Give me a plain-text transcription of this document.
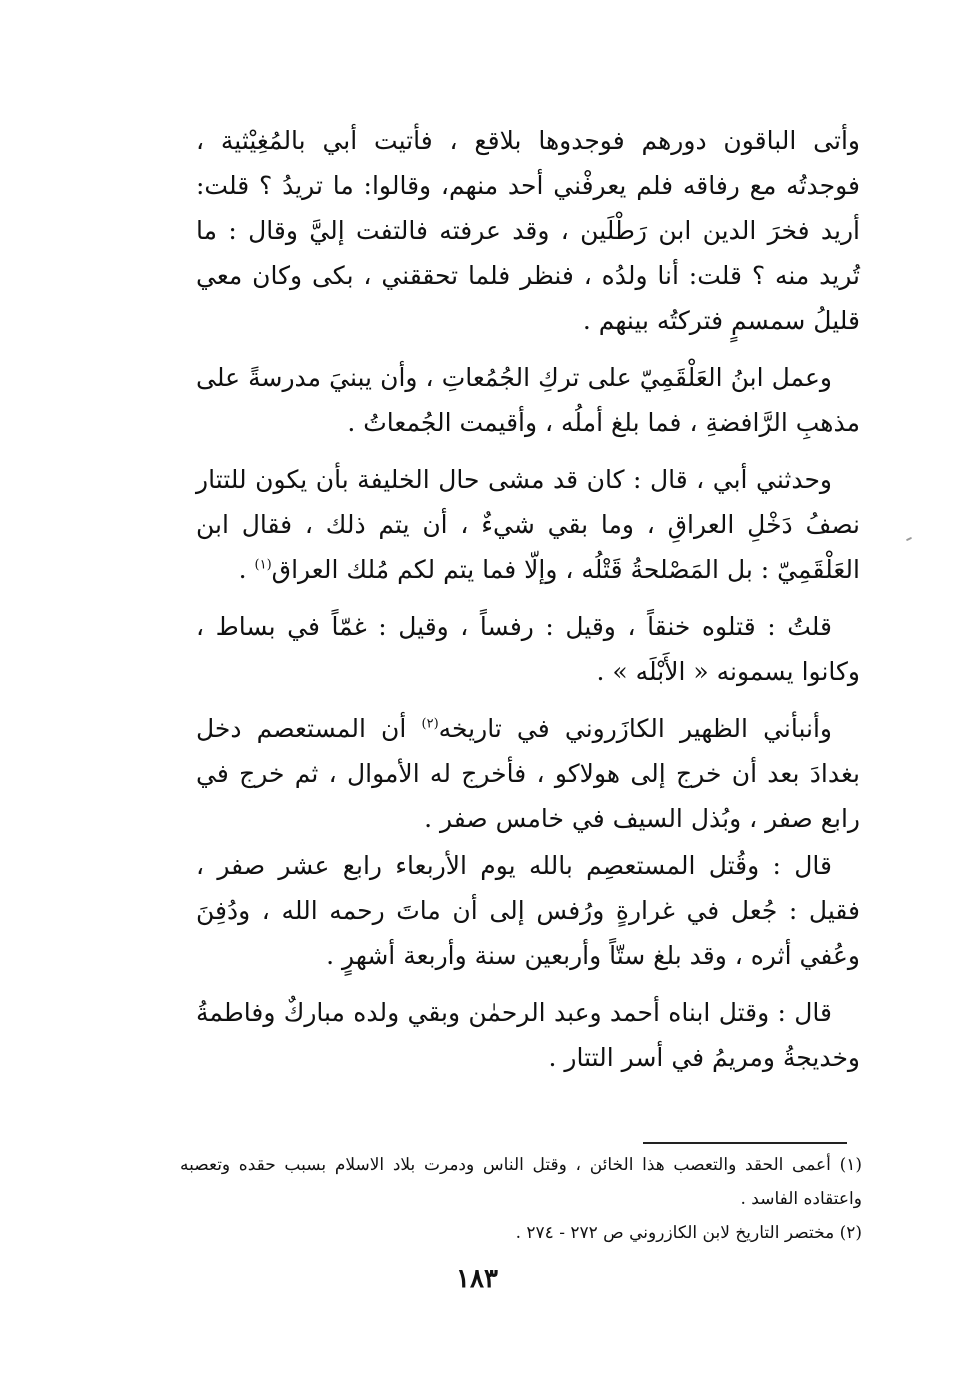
وأتى الباقون دورهم فوجدوها بلاقع ، فأتيت أبي بالمُغِيْثية ، فوجدتُه مع رفاقه فلم يعرفْني أحد منهم، وقالوا: ما تريدُ ؟ قلت: أريد فخرَ الدين ابن رَطْلَين ، وقد عرفته فالتفت إليَّ وقال : ما تُريد منه ؟ قلت: أنا ولدُه ، فنظر فلما تحققني ، بكى وكان معي قليلُ سمسمٍ فتركتُه بينهم .

وعمل ابنُ العَلْقَمِيّ على تركِ الجُمُعاتِ ، وأن يبنيَ مدرسةً على مذهبِ الرَّافضةِ ، فما بلغ أملُه ، وأقيمت الجُمعاتُ .

وحدثني أبي ، قال : كان قد مشى حال الخليفة بأن يكون للتتار نصفُ دَخْلِ العراقِ ، وما بقي شيءٌ ، أن يتم ذلك ، فقال ابن العَلْقَمِيّ : بل المَصْلحةُ قَتْلُه ، وإلّا فما يتم لكم مُلك العراق$^{(١)}$ .

قلتُ : قتلوه خنقاً ، وقيل : رفساً ، وقيل : غمّاً في بساط ، وكانوا يسمونه « الأَبْلَه » .

وأنبأني الظهير الكازَروني في تاريخه$^{(٢)}$ أن المستعصم دخل بغدادَ بعد أن خرج إلى هولاكو ، فأخرج له الأموال ، ثم خرج في رابع صفر ، وبُذل السيف في خامس صفر .

قال : وقُتل المستعصِم بالله يوم الأربعاء رابع عشر صفر ، فقيل : جُعل في غرارةٍ ورُفس إلى أن ماتَ رحمه الله ، ودُفِنَ وعُفي أثره ، وقد بلغ ستّاً وأربعين سنة وأربعة أشهرٍ .

قال : وقتل ابناه أحمد وعبد الرحمٰن وبقي ولده مباركٌ وفاطمةُ وخديجةُ ومريمُ في أسر التتار .

(١) أعمى الحقد والتعصب هذا الخائن ، وقتل الناس ودمرت بلاد الاسلام بسبب حقده وتعصبه واعتقاده الفاسد .

(٢) مختصر التاريخ لابن الكازروني ص ٢٧٢ - ٢٧٤ .

١٨٣
